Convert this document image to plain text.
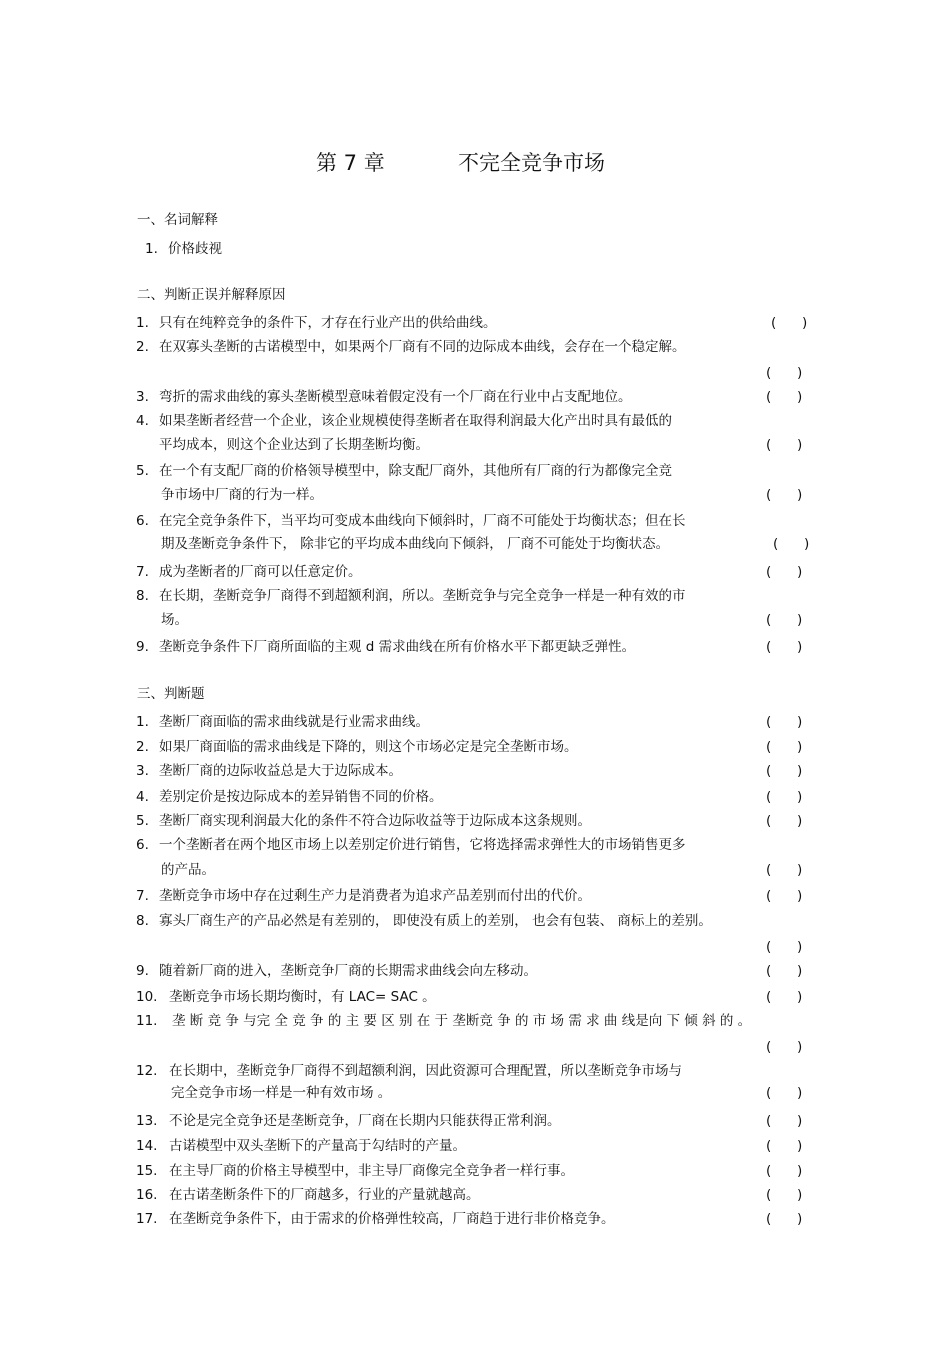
第 7 章	不完全竞争市场
一、名词解释
1. 价格歧视
二、判断正误并解释原因
1. 只有在纯粹竞争的条件下，才存在行业产出的供给曲线。	(      )
2. 在双寡头垄断的古诺模型中，如果两个厂商有不同的边际成本曲线，会存在一个稳定解。
(      )
3. 弯折的需求曲线的寡头垄断模型意味着假定没有一个厂商在行业中占支配地位。	(      )
4. 如果垄断者经营一个企业，该企业规模使得垄断者在取得利润最大化产出时具有最低的
平均成本，则这个企业达到了长期垄断均衡。	(      )
5. 在一个有支配厂商的价格领导模型中，除支配厂商外，其他所有厂商的行为都像完全竞
争市场中厂商的行为一样。	(      )
6. 在完全竞争条件下，当平均可变成本曲线向下倾斜时，厂商不可能处于均衡状态；但在长
期及垄断竞争条件下， 除非它的平均成本曲线向下倾斜， 厂商不可能处于均衡状态。	(      )
7. 成为垄断者的厂商可以任意定价。	(      )
8. 在长期，垄断竞争厂商得不到超额利润，所以。垄断竞争与完全竞争一样是一种有效的市
场。	(      )
9. 垄断竞争条件下厂商所面临的主观 d 需求曲线在所有价格水平下都更缺乏弹性。	(      )
三、判断题
1. 垄断厂商面临的需求曲线就是行业需求曲线。	(      )
2. 如果厂商面临的需求曲线是下降的，则这个市场必定是完全垄断市场。	(      )
3. 垄断厂商的边际收益总是大于边际成本。	(      )
4. 差别定价是按边际成本的差异销售不同的价格。	(      )
5. 垄断厂商实现利润最大化的条件不符合边际收益等于边际成本这条规则。	(      )
6. 一个垄断者在两个地区市场上以差别定价进行销售，它将选择需求弹性大的市场销售更多
的产品。	(      )
7. 垄断竞争市场中存在过剩生产力是消费者为追求产品差别而付出的代价。	(      )
8. 寡头厂商生产的产品必然是有差别的， 即使没有质上的差别， 也会有包装、 商标上的差别。
(      )
9. 随着新厂商的进入，垄断竞争厂商的长期需求曲线会向左移动。	(      )
10. 垄断竞争市场长期均衡时，有 LAC= SAC 。	(      )
11. 垄 断 竞 争 与完 全 竞 争 的 主 要 区 别 在 于 垄断竞 争 的 市 场 需 求 曲 线是向 下 倾 斜 的 。
(      )
12. 在长期中，垄断竞争厂商得不到超额利润，因此资源可合理配置，所以垄断竞争市场与
完全竞争市场一样是一种有效市场 。	(      )
13. 不论是完全竞争还是垄断竞争，厂商在长期内只能获得正常利润。	(      )
14. 古诺模型中双头垄断下的产量高于勾结时的产量。	(      )
15. 在主导厂商的价格主导模型中，非主导厂商像完全竞争者一样行事。	(      )
16. 在古诺垄断条件下的厂商越多，行业的产量就越高。	(      )
17. 在垄断竞争条件下，由于需求的价格弹性较高，厂商趋于进行非价格竞争。	(      )
